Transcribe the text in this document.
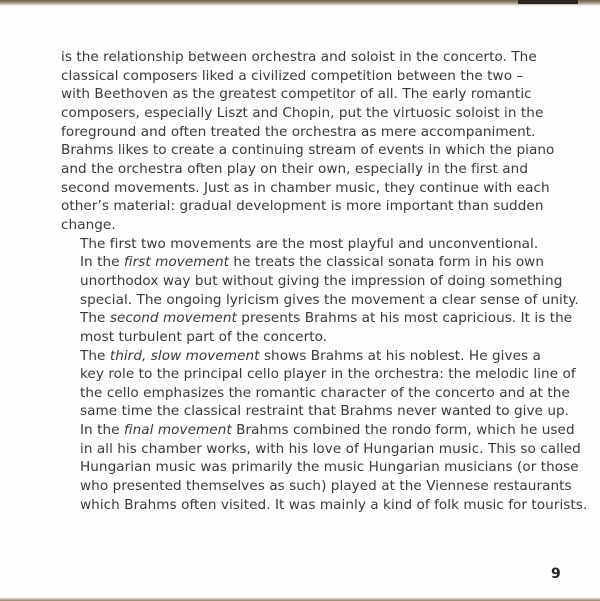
is the relationship between orchestra and soloist in the concerto. The
classical composers liked a civilized competition between the two –
with Beethoven as the greatest competitor of all. The early romantic
composers, especially Liszt and Chopin, put the virtuosic soloist in the
foreground and often treated the orchestra as mere accompaniment.
Brahms likes to create a continuing stream of events in which the piano
and the orchestra often play on their own, especially in the first and
second movements. Just as in chamber music, they continue with each
other’s material: gradual development is more important than sudden
change.

The first two movements are the most playful and unconventional.
In the first movement he treats the classical sonata form in his own
unorthodox way but without giving the impression of doing something
special. The ongoing lyricism gives the movement a clear sense of unity.
The second movement presents Brahms at his most capricious. It is the
most turbulent part of the concerto.

The third, slow movement shows Brahms at his noblest. He gives a
key role to the principal cello player in the orchestra: the melodic line of
the cello emphasizes the romantic character of the concerto and at the
same time the classical restraint that Brahms never wanted to give up.
In the final movement Brahms combined the rondo form, which he used
in all his chamber works, with his love of Hungarian music. This so called
Hungarian music was primarily the music Hungarian musicians (or those
who presented themselves as such) played at the Viennese restaurants
which Brahms often visited. It was mainly a kind of folk music for tourists.

9
